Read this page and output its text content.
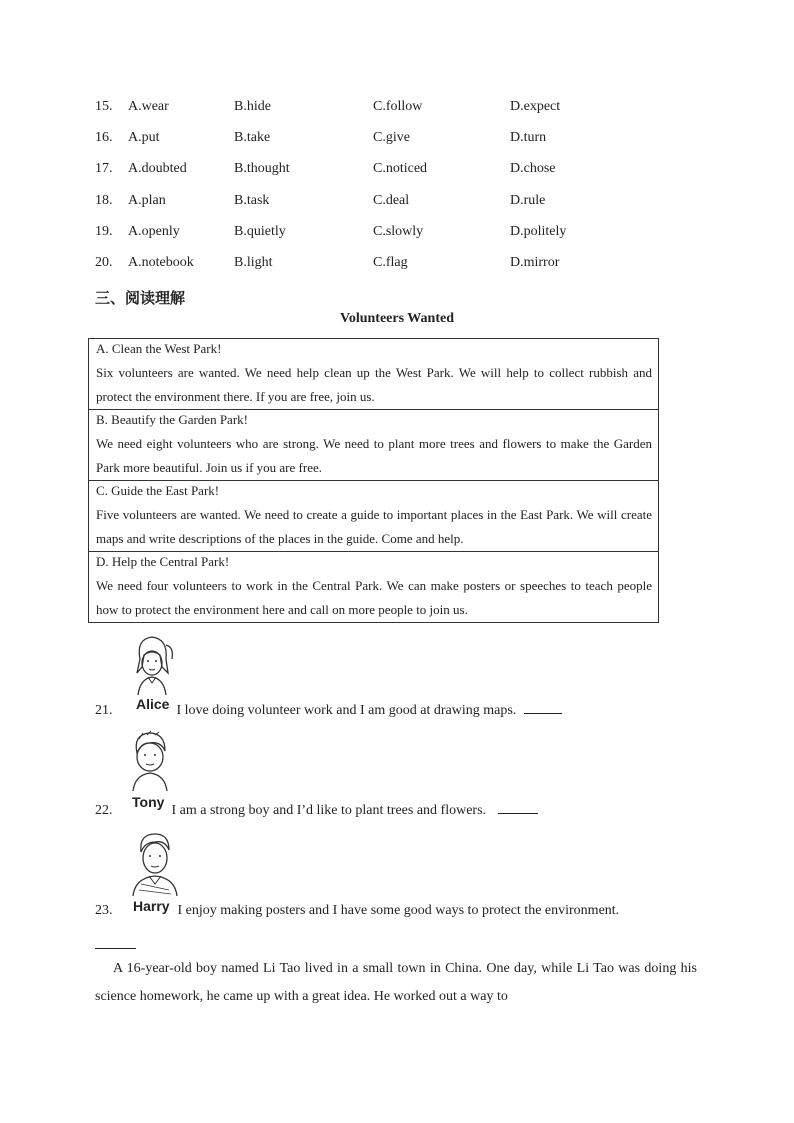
15. A.wear	B.hide	C.follow	D.expect
16. A.put	B.take	C.give	D.turn
17. A.doubted	B.thought	C.noticed	D.chose
18. A.plan	B.task	C.deal	D.rule
19. A.openly	B.quietly	C.slowly	D.politely
20. A.notebook	B.light	C.flag	D.mirror
三、阅读理解
Volunteers Wanted
A. Clean the West Park!
Six volunteers are wanted. We need help clean up the West Park. We will help to collect rubbish and protect the environment there. If you are free, join us.
B. Beautify the Garden Park!
We need eight volunteers who are strong. We need to plant more trees and flowers to make the Garden Park more beautiful. Join us if you are free.
C. Guide the East Park!
Five volunteers are wanted. We need to create a guide to important places in the East Park. We will create maps and write descriptions of the places in the guide. Come and help.
D. Help the Central Park!
We need four volunteers to work in the Central Park. We can make posters or speeches to teach people how to protect the environment here and call on more people to join us.
Alice
21.	I love doing volunteer work and I am good at drawing maps.
Tony
22.	I am a strong boy and I’d like to plant trees and flowers.
Harry
23.	I enjoy making posters and I have some good ways to protect the environment.
A 16-year-old boy named Li Tao lived in a small town in China. One day, while Li Tao was doing his science homework, he came up with a great idea. He worked out a way to
